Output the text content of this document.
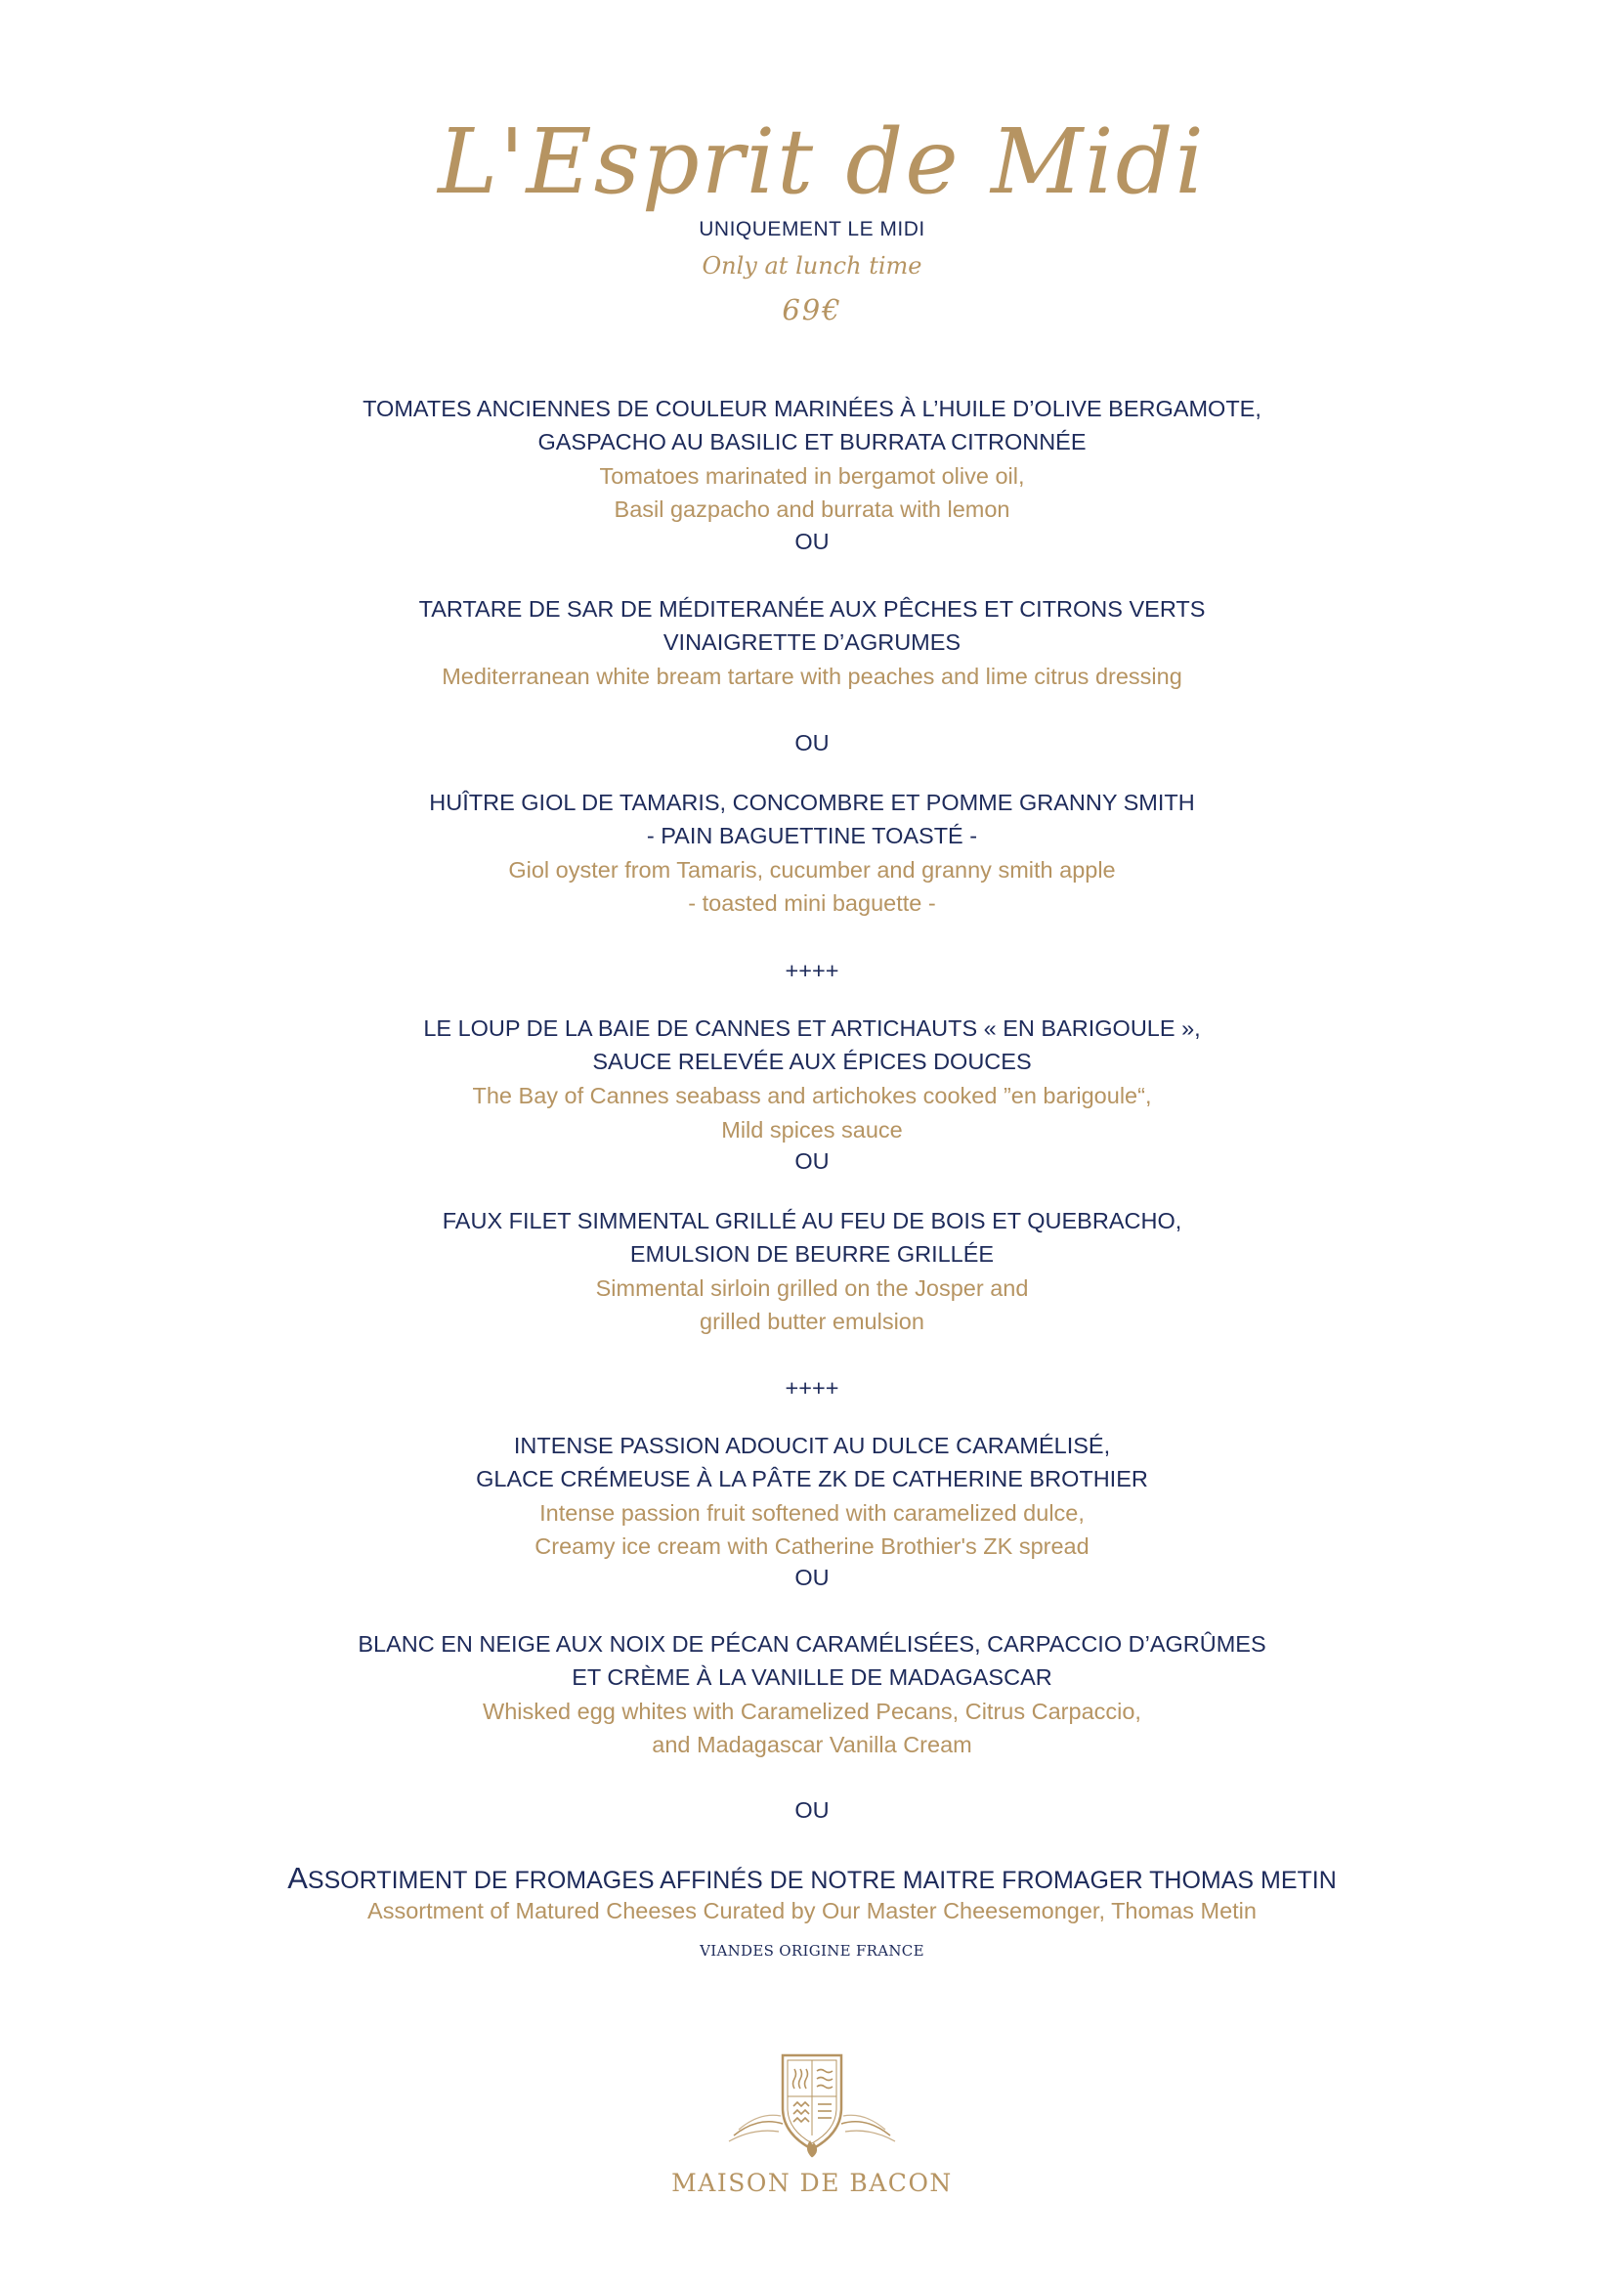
L'Esprit de Midi
UNIQUEMENT LE MIDI
Only at lunch time
69€
TOMATES ANCIENNES DE COULEUR MARINÉES À L’HUILE D’OLIVE BERGAMOTE,
GASPACHO AU BASILIC ET BURRATA CITRONNÉE
Tomatoes marinated in bergamot olive oil,
Basil gazpacho and burrata with lemon
OU
TARTARE DE SAR DE MÉDITERANÉE AUX PÊCHES ET CITRONS VERTS
VINAIGRETTE D’AGRUMES
Mediterranean white bream tartare with peaches and lime citrus dressing
OU
HUÎTRE GIOL DE TAMARIS, CONCOMBRE ET POMME GRANNY SMITH
- PAIN BAGUETTINE TOASTÉ -
Giol oyster from Tamaris, cucumber and granny smith apple
- toasted mini baguette -
++++
LE LOUP DE LA BAIE DE CANNES ET ARTICHAUTS « EN BARIGOULE »,
SAUCE RELEVÉE AUX ÉPICES DOUCES
The Bay of Cannes seabass and artichokes cooked ”en barigoule“,
Mild spices sauce
OU
FAUX FILET SIMMENTAL GRILLÉ AU FEU DE BOIS ET QUEBRACHO,
EMULSION DE BEURRE GRILLÉE
Simmental sirloin grilled on the Josper and
grilled butter emulsion
++++
INTENSE PASSION ADOUCIT AU DULCE CARAMÉLISÉ,
GLACE CRÉMEUSE À LA PÂTE ZK DE CATHERINE BROTHIER
Intense passion fruit softened with caramelized dulce,
Creamy ice cream with Catherine Brothier's ZK spread
OU
BLANC EN NEIGE AUX NOIX DE PÉCAN CARAMÉLISÉES, CARPACCIO D’AGRÛMES
ET CRÈME À LA VANILLE DE MADAGASCAR
Whisked egg whites with Caramelized Pecans, Citrus Carpaccio,
and Madagascar Vanilla Cream
OU
ASSORTIMENT DE FROMAGES AFFINÉS DE NOTRE MAITRE FROMAGER THOMAS METIN
Assortment of Matured Cheeses Curated by Our Master Cheesemonger, Thomas Metin
VIANDES ORIGINE FRANCE
MAISON DE BACON
